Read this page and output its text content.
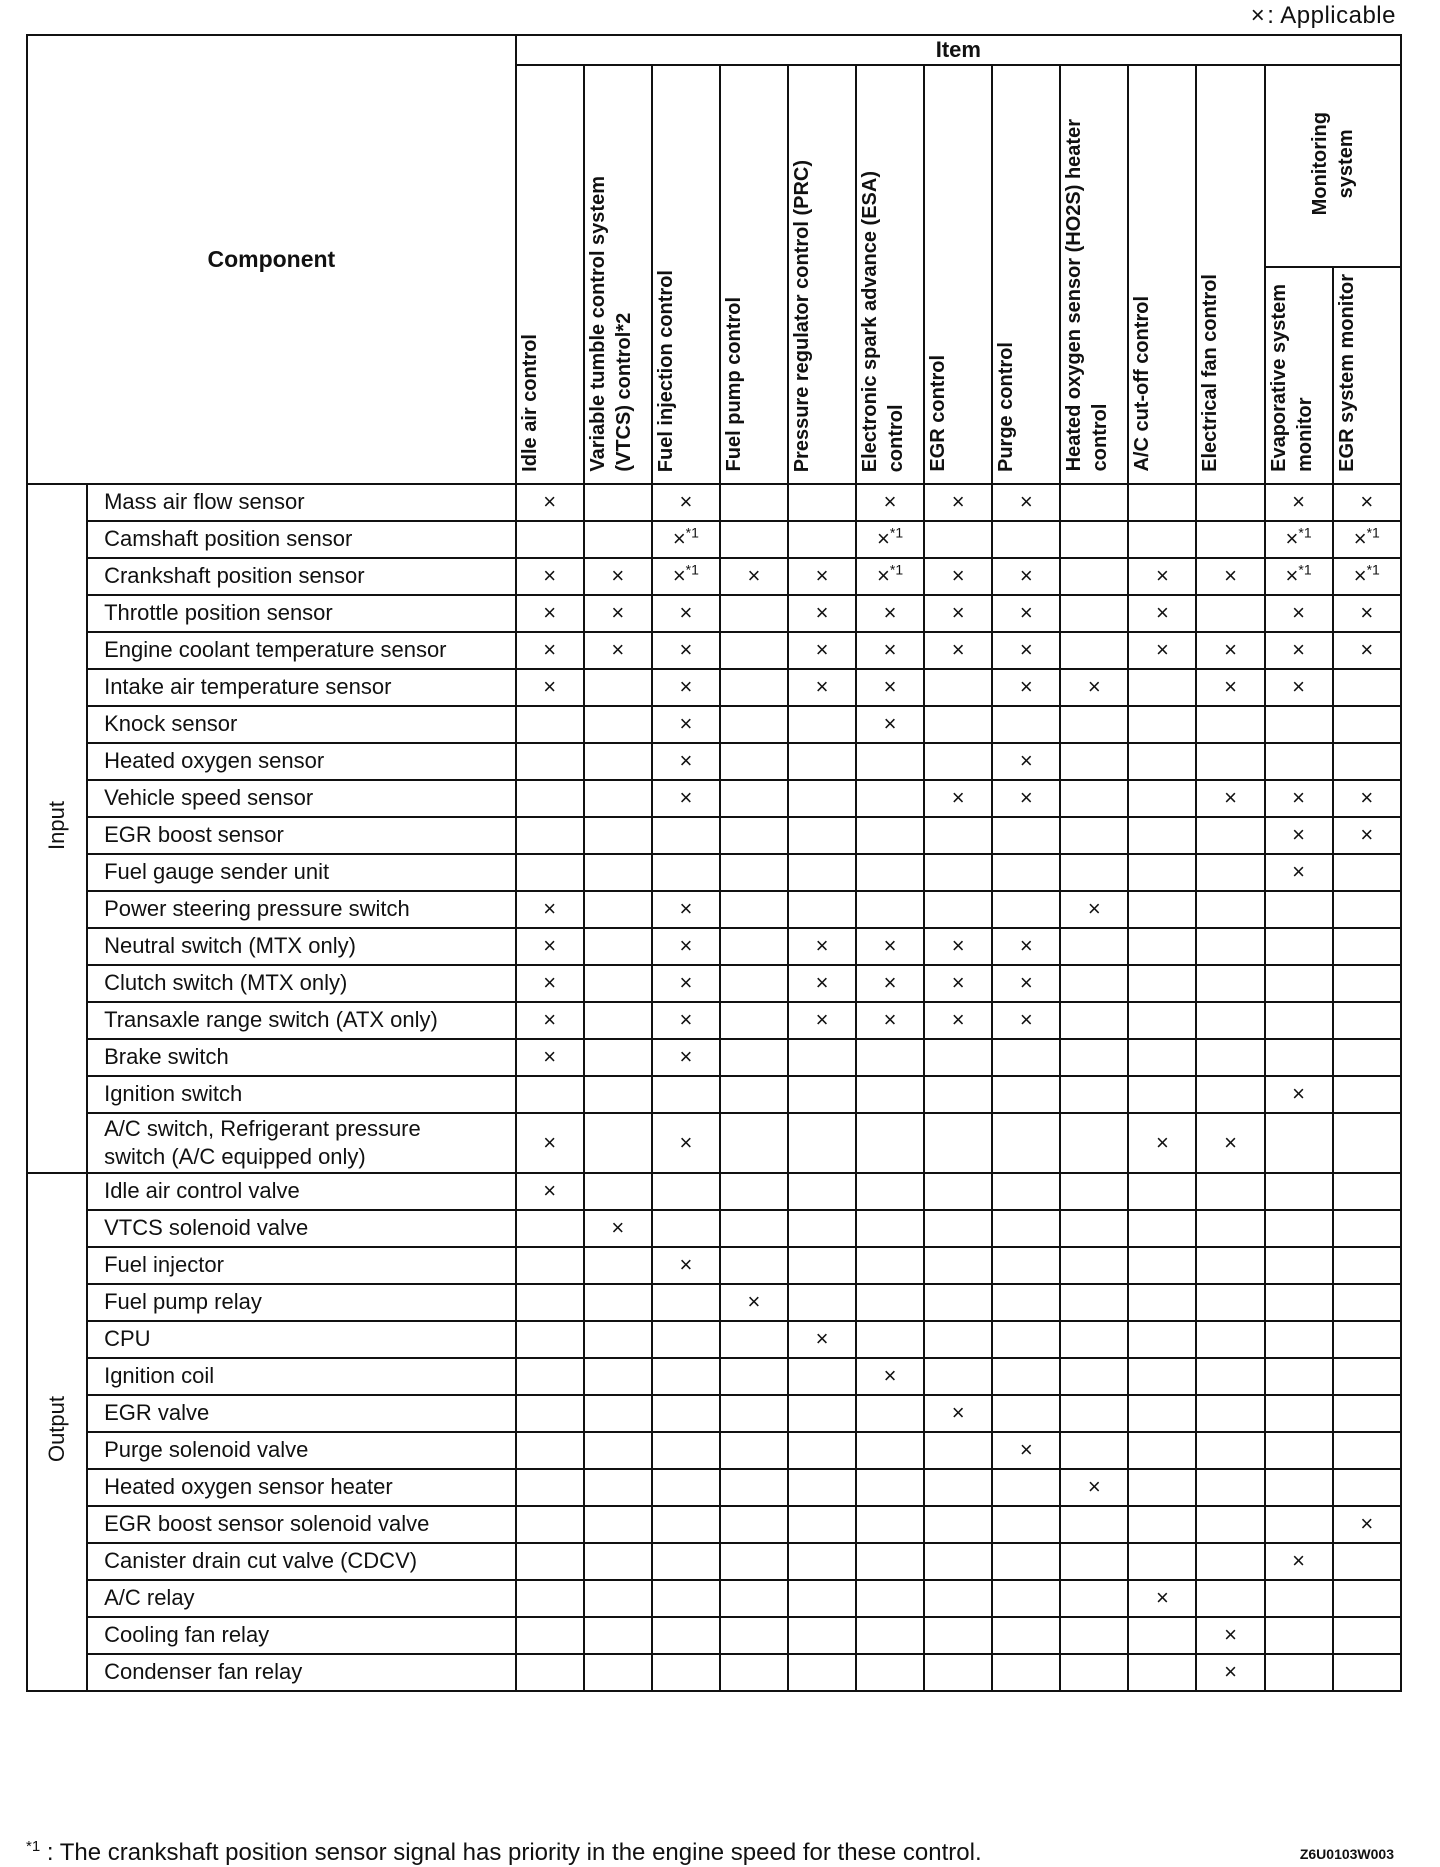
×: Applicable
Component		Item												
		Idle air control	Variable tumble control system
(VTCS) control*2	Fuel injection control	Fuel pump control	Pressure regulator control (PRC)	Electronic spark advance (ESA)
control	EGR control	Purge control	Heated oxygen sensor (HO2S) heater
control	A/C cut-off control	Electrical fan control	Monitoring
system	
													Evaporative system
monitor	EGR system monitor
Input	Mass air flow sensor	×		×			×	×	×				×	×
	Camshaft position sensor			×$^{*1}$			×$^{*1}$						×$^{*1}$	×$^{*1}$
	Crankshaft position sensor	×	×	×$^{*1}$	×	×	×$^{*1}$	×	×		×	×	×$^{*1}$	×$^{*1}$
	Throttle position sensor	×	×	×		×	×	×	×		×		×	×
	Engine coolant temperature sensor	×	×	×		×	×	×	×		×	×	×	×
	Intake air temperature sensor	×		×		×	×		×	×		×	×	
	Knock sensor			×			×							
	Heated oxygen sensor			×					×					
	Vehicle speed sensor			×				×	×			×	×	×
	EGR boost sensor												×	×
	Fuel gauge sender unit												×	
	Power steering pressure switch	×		×						×				
	Neutral switch (MTX only)	×		×		×	×	×	×					
	Clutch switch (MTX only)	×		×		×	×	×	×					
	Transaxle range switch (ATX only)	×		×		×	×	×	×					
	Brake switch	×		×										
	Ignition switch												×	
	A/C switch, Refrigerant pressure
switch (A/C equipped only)	×		×							×	×		
Output	Idle air control valve	×												
	VTCS solenoid valve		×											
	Fuel injector			×										
	Fuel pump relay				×									
	CPU					×								
	Ignition coil						×							
	EGR valve							×						
	Purge solenoid valve								×					
	Heated oxygen sensor heater									×				
	EGR boost sensor solenoid valve													×
	Canister drain cut valve (CDCV)												×	
	A/C relay										×			
	Cooling fan relay											×		
	Condenser fan relay											×		
$^{*1}$ : The crankshaft position sensor signal has priority in the engine speed for these control.	Z6U0103W003
